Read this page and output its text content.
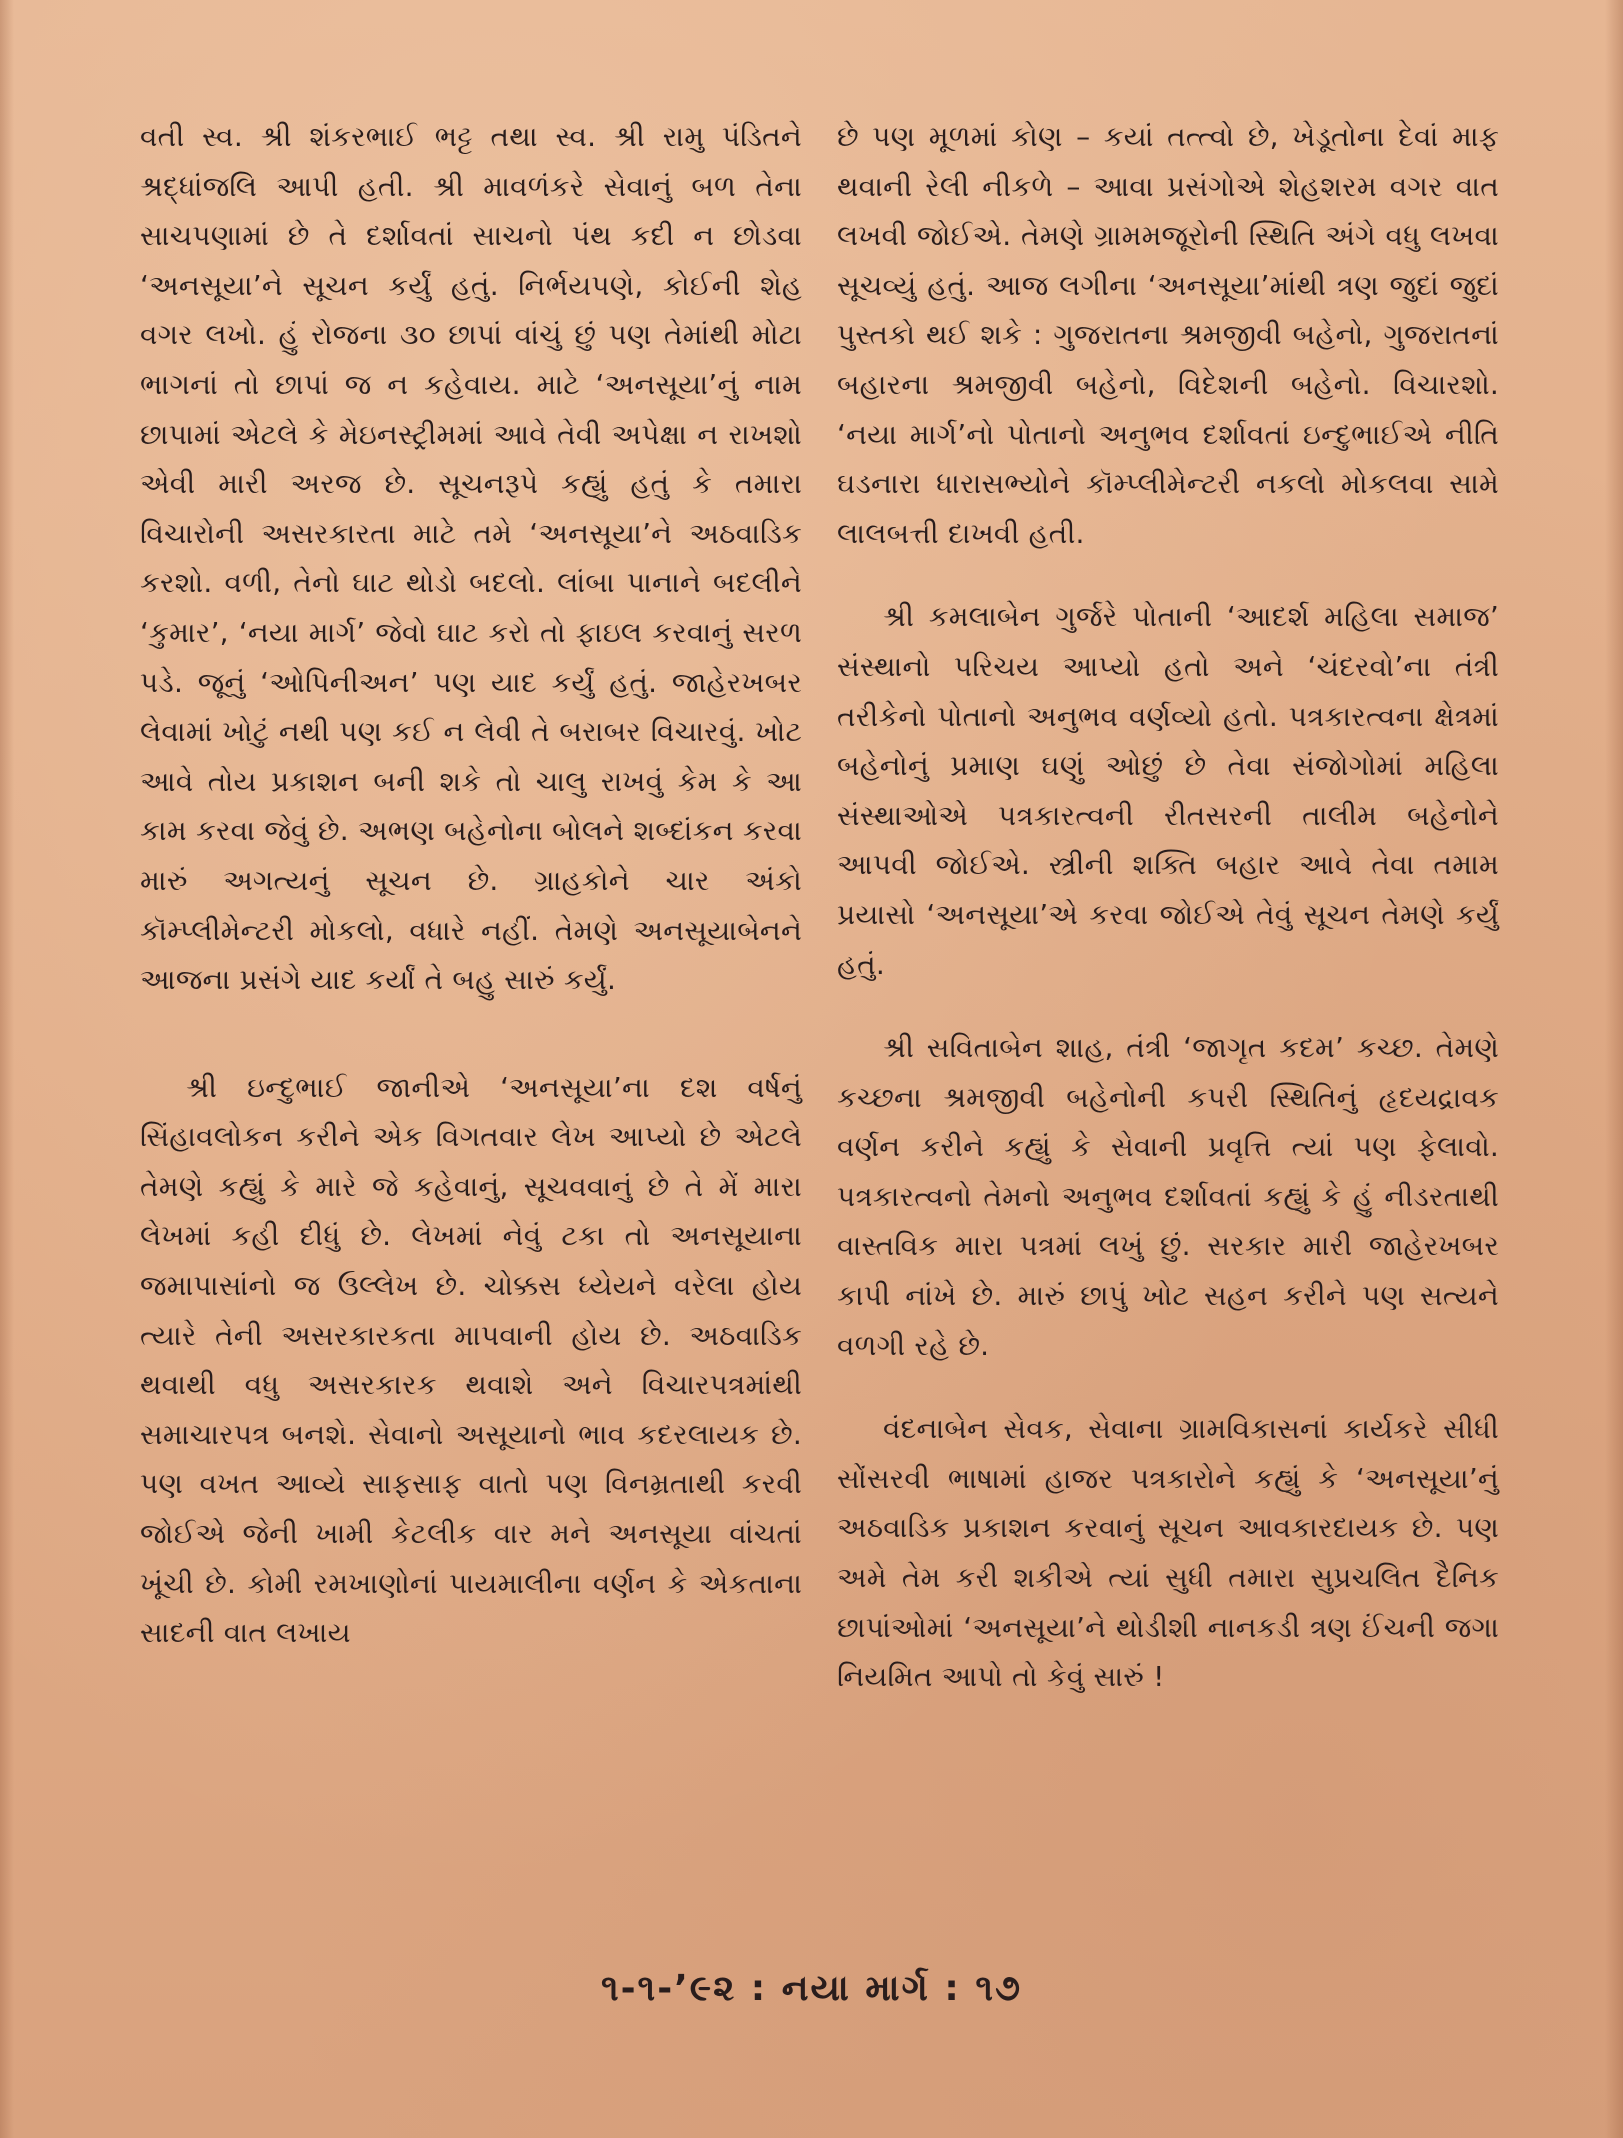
વતી સ્વ. શ્રી શંકરભાઈ ભટ્ટ તથા સ્વ. શ્રી રામુ પંડિતને શ્રદ્ધાંજલિ આપી હતી. શ્રી માવળંકરે સેવાનું બળ તેના સાચપણામાં છે તે દર્શાવતાં સાચનો પંથ કદી ન છોડવા ‘અનસૂયા’ને સૂચન કર્યું હતું. નિર્ભયપણે, કોઈની શેહ વગર લખો. હું રોજના ૩૦ છાપાં વાંચું છું પણ તેમાંથી મોટા ભાગનાં તો છાપાં જ ન કહેવાય. માટે ‘અનસૂયા’નું નામ છાપામાં એટલે કે મેઇનસ્ટ્રીમમાં આવે તેવી અપેક્ષા ન રાખશો એવી મારી અરજ છે. સૂચનરૂપે કહ્યું હતું કે તમારા વિચારોની અસરકારતા માટે તમે ‘અનસૂયા’ને અઠવાડિક કરશો. વળી, તેનો ઘાટ થોડો બદલો. લાંબા પાનાને બદલીને ‘કુમાર’, ‘નયા માર્ગ’ જેવો ઘાટ કરો તો ફાઇલ કરવાનું સરળ પડે. જૂનું ‘ઓપિનીઅન’ પણ યાદ કર્યું હતું. જાહેરખબર લેવામાં ખોટું નથી પણ કઈ ન લેવી તે બરાબર વિચારવું. ખોટ આવે તોય પ્રકાશન બની શકે તો ચાલુ રાખવું કેમ કે આ કામ કરવા જેવું છે. અભણ બહેનોના બોલને શબ્દાંકન કરવા મારું અગત્યનું સૂચન છે. ગ્રાહકોને ચાર અંકો કૉમ્પ્લીમેન્ટરી મોકલો, વધારે નહીં. તેમણે અનસૂયાબેનને આજના પ્રસંગે યાદ કર્યાં તે બહુ સારું કર્યું.

શ્રી ઇન્દુભાઈ જાનીએ ‘અનસૂયા’ના દશ વર્ષનું સિંહાવલોકન કરીને એક વિગતવાર લેખ આપ્યો છે એટલે તેમણે કહ્યું કે મારે જે કહેવાનું, સૂચવવાનું છે તે મેં મારા લેખમાં કહી દીધું છે. લેખમાં નેવું ટકા તો અનસૂયાના જમાપાસાંનો જ ઉલ્લેખ છે. ચોક્કસ ધ્યેયને વરેલા હોય ત્યારે તેની અસરકારકતા માપવાની હોય છે. અઠવાડિક થવાથી વધુ અસરકારક થવાશે અને વિચારપત્રમાંથી સમાચારપત્ર બનશે. સેવાનો અસૂયાનો ભાવ કદરલાયક છે. પણ વખત આવ્યે સાફસાફ વાતો પણ વિનમ્રતાથી કરવી જોઈએ જેની ખામી કેટલીક વાર મને અનસૂયા વાંચતાં ખૂંચી છે. કોમી રમખાણોનાં પાયમાલીના વર્ણન કે એકતાના સાદની વાત લખાય

છે પણ મૂળમાં કોણ – કયાં તત્ત્વો છે, ખેડૂતોના દેવાં માફ થવાની રેલી નીકળે – આવા પ્રસંગોએ શેહશરમ વગર વાત લખવી જોઈએ. તેમણે ગ્રામમજૂરોની સ્થિતિ અંગે વધુ લખવા સૂચવ્યું હતું. આજ લગીના ‘અનસૂયા’માંથી ત્રણ જુદાં જુદાં પુસ્તકો થઈ શકે : ગુજરાતના શ્રમજીવી બહેનો, ગુજરાતનાં બહારના શ્રમજીવી બહેનો, વિદેશની બહેનો. વિચારશો. ‘નયા માર્ગ’નો પોતાનો અનુભવ દર્શાવતાં ઇન્દુભાઈએ નીતિ ઘડનારા ધારાસભ્યોને કૉમ્પ્લીમેન્ટરી નકલો મોકલવા સામે લાલબત્તી દાખવી હતી.

શ્રી કમલાબેન ગુર્જરે પોતાની ‘આદર્શ મહિલા સમાજ’ સંસ્થાનો પરિચય આપ્યો હતો અને ‘ચંદરવો’ના તંત્રી તરીકેનો પોતાનો અનુભવ વર્ણવ્યો હતો. પત્રકારત્વના ક્ષેત્રમાં બહેનોનું પ્રમાણ ઘણું ઓછું છે તેવા સંજોગોમાં મહિલા સંસ્થાઓએ પત્રકારત્વની રીતસરની તાલીમ બહેનોને આપવી જોઈએ. સ્ત્રીની શક્તિ બહાર આવે તેવા તમામ પ્રયાસો ‘અનસૂયા’એ કરવા જોઈએ તેવું સૂચન તેમણે કર્યું હતું.

શ્રી સવિતાબેન શાહ, તંત્રી ‘જાગૃત કદમ’ કચ્છ. તેમણે કચ્છના શ્રમજીવી બહેનોની કપરી સ્થિતિનું હૃદયદ્રાવક વર્ણન કરીને કહ્યું કે સેવાની પ્રવૃત્તિ ત્યાં પણ ફેલાવો. પત્રકારત્વનો તેમનો અનુભવ દર્શાવતાં કહ્યું કે હું નીડરતાથી વાસ્તવિક મારા પત્રમાં લખું છું. સરકાર મારી જાહેરખબર કાપી નાંખે છે. મારું છાપું ખોટ સહન કરીને પણ સત્યને વળગી રહે છે.

વંદનાબેન સેવક, સેવાના ગ્રામવિકાસનાં કાર્યકરે સીધી સોંસરવી ભાષામાં હાજર પત્રકારોને કહ્યું કે ‘અનસૂયા’નું અઠવાડિક પ્રકાશન કરવાનું સૂચન આવકારદાયક છે. પણ અમે તેમ કરી શકીએ ત્યાં સુધી તમારા સુપ્રચલિત દૈનિક છાપાંઓમાં ‘અનસૂયા’ને થોડીશી નાનકડી ત્રણ ઈંચની જગા નિયમિત આપો તો કેવું સારું !

૧-૧-’૯૨ : નયા માર્ગ : ૧૭
